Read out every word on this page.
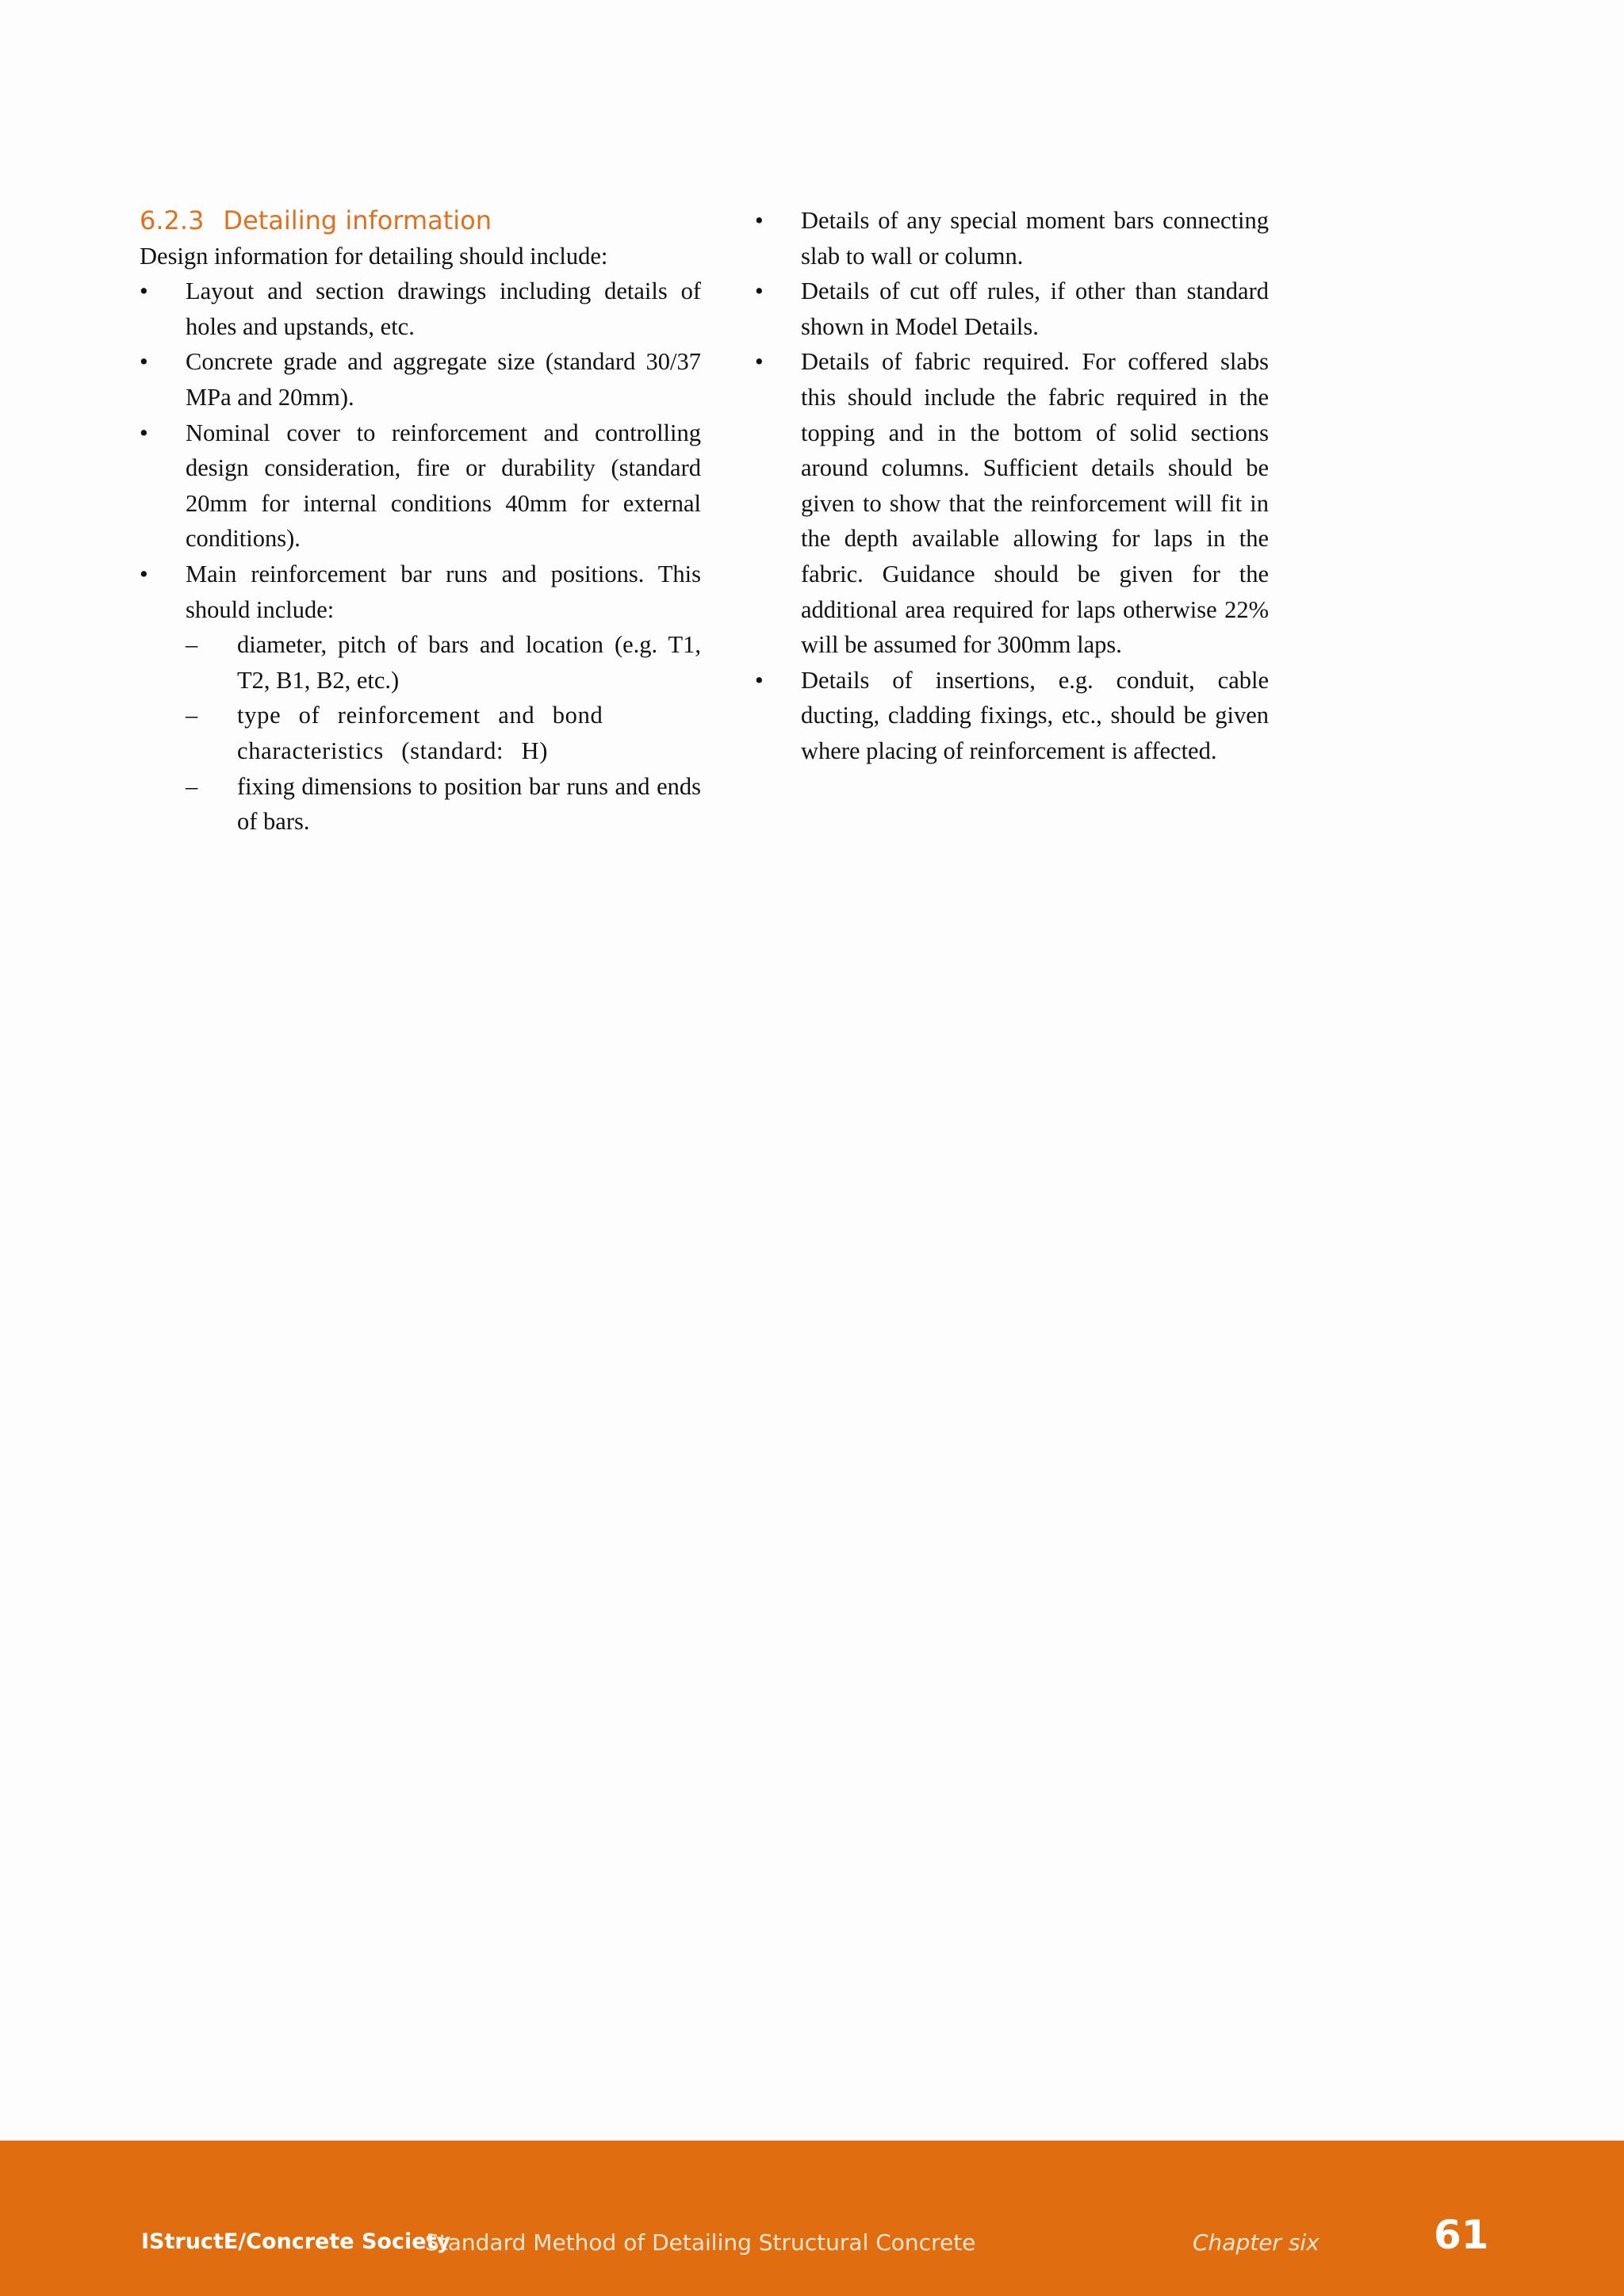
6.2.3 Detailing information

Design information for detailing should include:

• Layout and section drawings including details of holes and upstands, etc.
• Concrete grade and aggregate size (standard 30/37 MPa and 20mm).
• Nominal cover to reinforcement and controlling design consideration, fire or durability (standard 20mm for internal conditions 40mm for external conditions).
• Main reinforcement bar runs and positions. This should include:
– diameter, pitch of bars and location (e.g. T1, T2, B1, B2, etc.)
– type of reinforcement and bond characteristics (standard: H)
– fixing dimensions to position bar runs and ends of bars.
• Details of any special moment bars connecting slab to wall or column.
• Details of cut off rules, if other than standard shown in Model Details.
• Details of fabric required. For coffered slabs this should include the fabric required in the topping and in the bottom of solid sections around columns. Sufficient details should be given to show that the reinforcement will fit in the depth available allowing for laps in the fabric. Guidance should be given for the additional area required for laps otherwise 22% will be assumed for 300mm laps.
• Details of insertions, e.g. conduit, cable ducting, cladding fixings, etc., should be given where placing of reinforcement is affected.
IStructE/Concrete Society
Standard Method of Detailing Structural Concrete	Chapter six	61
